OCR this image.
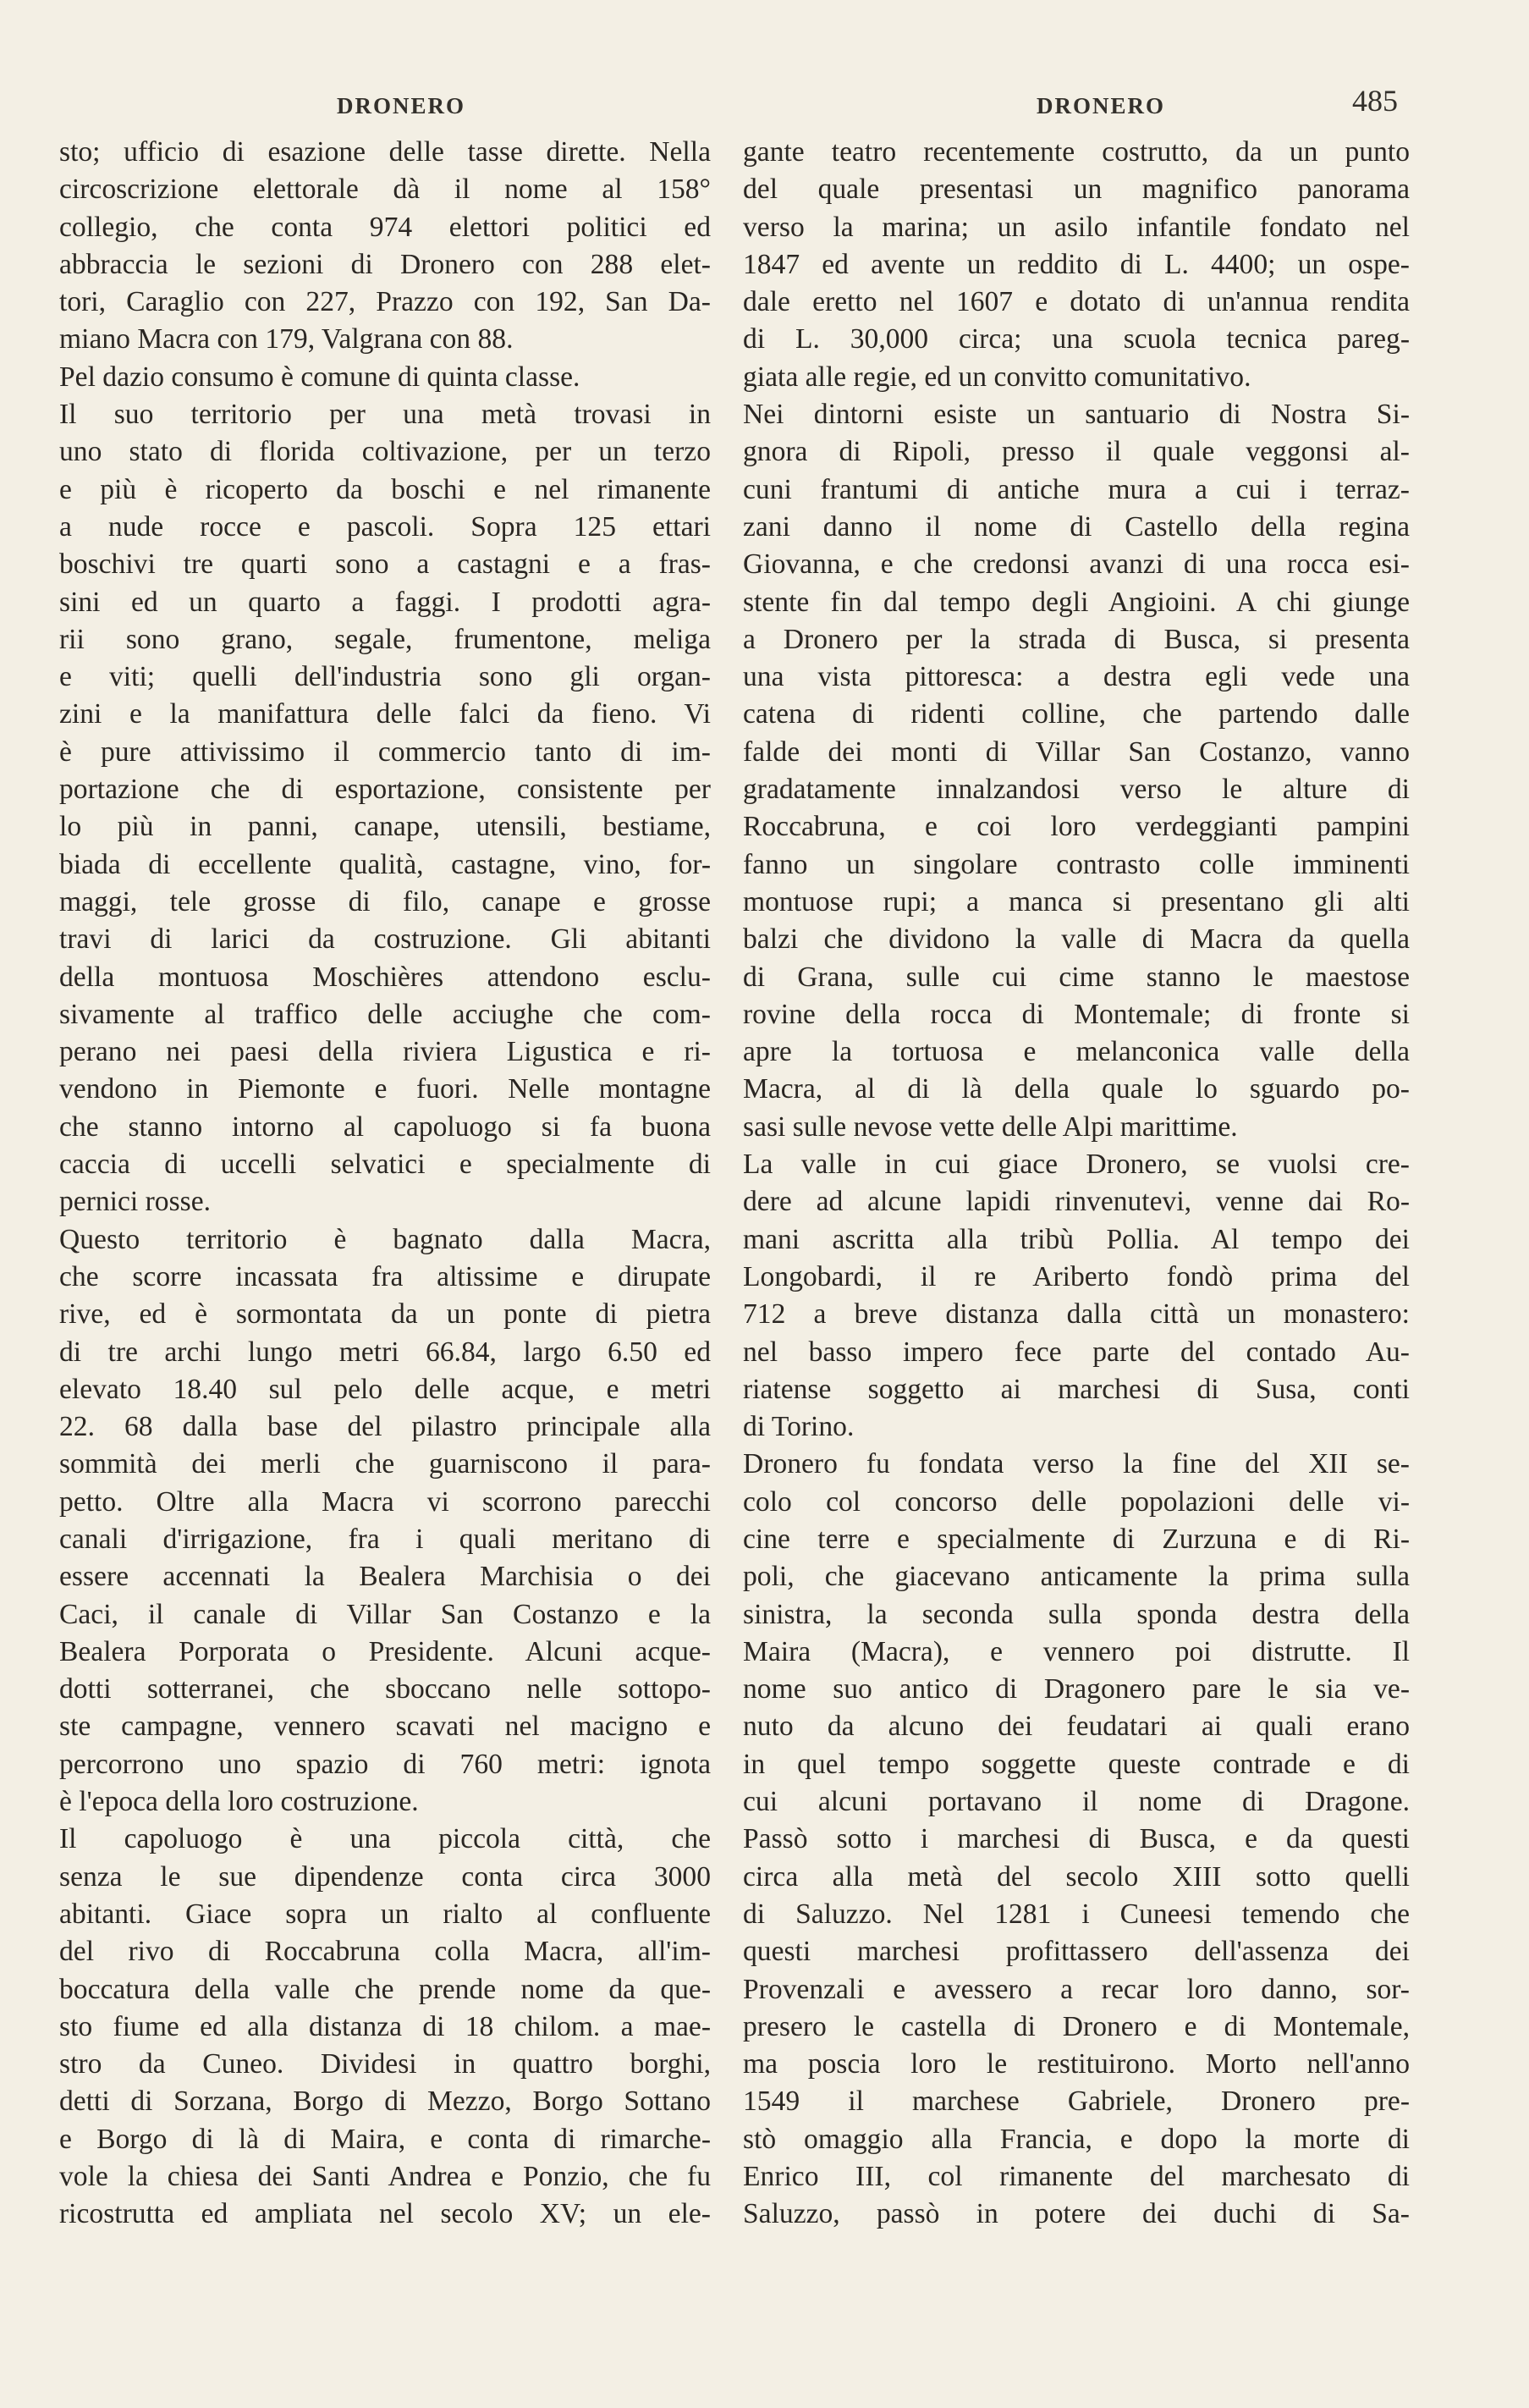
DRONERO	DRONERO	485
sto; ufficio di esazione delle tasse dirette. Nella
circoscrizione elettorale dà il nome al 158°
collegio, che conta 974 elettori politici ed
abbraccia le sezioni di Dronero con 288 elet-
tori, Caraglio con 227, Prazzo con 192, San Da-
miano Macra con 179, Valgrana con 88.
Pel dazio consumo è comune di quinta classe.
Il suo territorio per una metà trovasi in
uno stato di florida coltivazione, per un terzo
e più è ricoperto da boschi e nel rimanente
a nude rocce e pascoli. Sopra 125 ettari
boschivi tre quarti sono a castagni e a fras-
sini ed un quarto a faggi. I prodotti agra-
rii sono grano, segale, frumentone, meliga
e viti; quelli dell'industria sono gli organ-
zini e la manifattura delle falci da fieno. Vi
è pure attivissimo il commercio tanto di im-
portazione che di esportazione, consistente per
lo più in panni, canape, utensili, bestiame,
biada di eccellente qualità, castagne, vino, for-
maggi, tele grosse di filo, canape e grosse
travi di larici da costruzione. Gli abitanti
della montuosa Moschières attendono esclu-
sivamente al traffico delle acciughe che com-
perano nei paesi della riviera Ligustica e ri-
vendono in Piemonte e fuori. Nelle montagne
che stanno intorno al capoluogo si fa buona
caccia di uccelli selvatici e specialmente di
pernici rosse.
Questo territorio è bagnato dalla Macra,
che scorre incassata fra altissime e dirupate
rive, ed è sormontata da un ponte di pietra
di tre archi lungo metri 66.84, largo 6.50 ed
elevato 18.40 sul pelo delle acque, e metri
22. 68 dalla base del pilastro principale alla
sommità dei merli che guarniscono il para-
petto. Oltre alla Macra vi scorrono parecchi
canali d'irrigazione, fra i quali meritano di
essere accennati la Bealera Marchisia o dei
Caci, il canale di Villar San Costanzo e la
Bealera Porporata o Presidente. Alcuni acque-
dotti sotterranei, che sboccano nelle sottopo-
ste campagne, vennero scavati nel macigno e
percorrono uno spazio di 760 metri: ignota
è l'epoca della loro costruzione.
Il capoluogo è una piccola città, che
senza le sue dipendenze conta circa 3000
abitanti. Giace sopra un rialto al confluente
del rivo di Roccabruna colla Macra, all'im-
boccatura della valle che prende nome da que-
sto fiume ed alla distanza di 18 chilom. a mae-
stro da Cuneo. Dividesi in quattro borghi,
detti di Sorzana, Borgo di Mezzo, Borgo Sottano
e Borgo di là di Maira, e conta di rimarche-
vole la chiesa dei Santi Andrea e Ponzio, che fu
ricostrutta ed ampliata nel secolo XV; un ele-
gante teatro recentemente costrutto, da un punto
del quale presentasi un magnifico panorama
verso la marina; un asilo infantile fondato nel
1847 ed avente un reddito di L. 4400; un ospe-
dale eretto nel 1607 e dotato di un'annua rendita
di L. 30,000 circa; una scuola tecnica pareg-
giata alle regie, ed un convitto comunitativo.
Nei dintorni esiste un santuario di Nostra Si-
gnora di Ripoli, presso il quale veggonsi al-
cuni frantumi di antiche mura a cui i terraz-
zani danno il nome di Castello della regina
Giovanna, e che credonsi avanzi di una rocca esi-
stente fin dal tempo degli Angioini. A chi giunge
a Dronero per la strada di Busca, si presenta
una vista pittoresca: a destra egli vede una
catena di ridenti colline, che partendo dalle
falde dei monti di Villar San Costanzo, vanno
gradatamente innalzandosi verso le alture di
Roccabruna, e coi loro verdeggianti pampini
fanno un singolare contrasto colle imminenti
montuose rupi; a manca si presentano gli alti
balzi che dividono la valle di Macra da quella
di Grana, sulle cui cime stanno le maestose
rovine della rocca di Montemale; di fronte si
apre la tortuosa e melanconica valle della
Macra, al di là della quale lo sguardo po-
sasi sulle nevose vette delle Alpi marittime.
La valle in cui giace Dronero, se vuolsi cre-
dere ad alcune lapidi rinvenutevi, venne dai Ro-
mani ascritta alla tribù Pollia. Al tempo dei
Longobardi, il re Ariberto fondò prima del
712 a breve distanza dalla città un monastero:
nel basso impero fece parte del contado Au-
riatense soggetto ai marchesi di Susa, conti
di Torino.
Dronero fu fondata verso la fine del XII se-
colo col concorso delle popolazioni delle vi-
cine terre e specialmente di Zurzuna e di Ri-
poli, che giacevano anticamente la prima sulla
sinistra, la seconda sulla sponda destra della
Maira (Macra), e vennero poi distrutte. Il
nome suo antico di Dragonero pare le sia ve-
nuto da alcuno dei feudatari ai quali erano
in quel tempo soggette queste contrade e di
cui alcuni portavano il nome di Dragone.
Passò sotto i marchesi di Busca, e da questi
circa alla metà del secolo XIII sotto quelli
di Saluzzo. Nel 1281 i Cuneesi temendo che
questi marchesi profittassero dell'assenza dei
Provenzali e avessero a recar loro danno, sor-
presero le castella di Dronero e di Montemale,
ma poscia loro le restituirono. Morto nell'anno
1549 il marchese Gabriele, Dronero pre-
stò omaggio alla Francia, e dopo la morte di
Enrico III, col rimanente del marchesato di
Saluzzo, passò in potere dei duchi di Sa-
